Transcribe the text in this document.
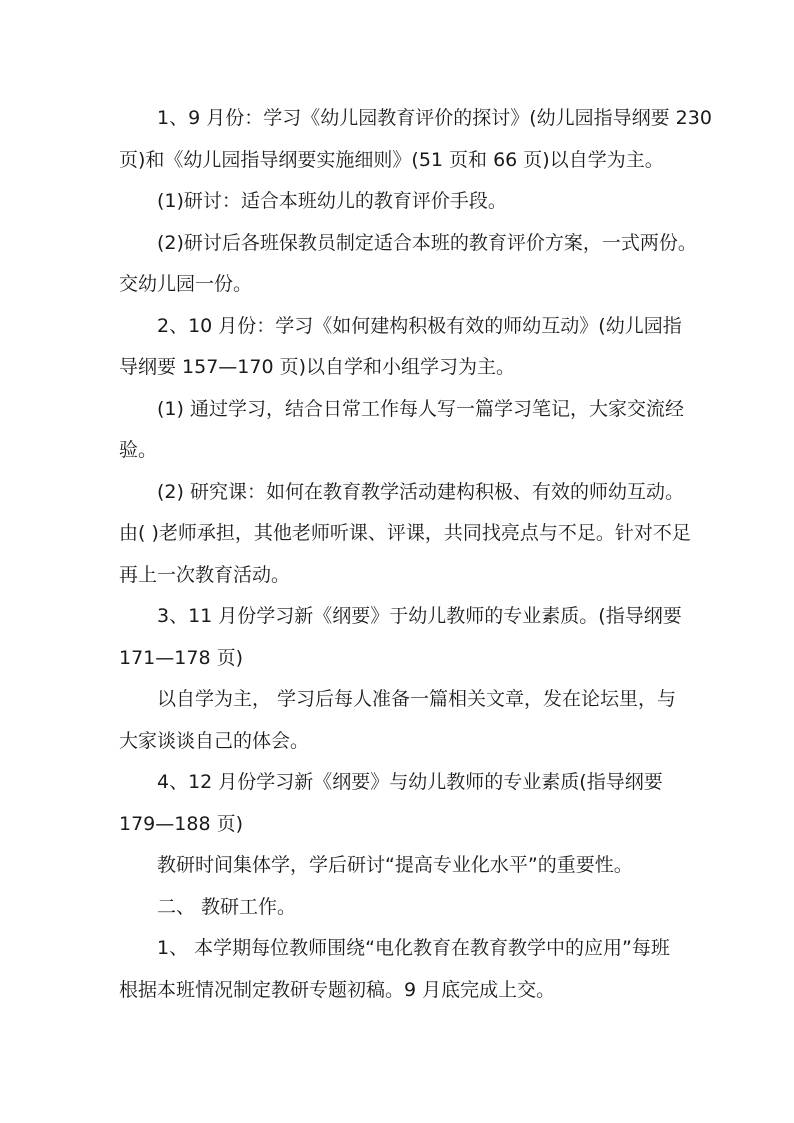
1、9 月份：学习《幼儿园教育评价的探讨》(幼儿园指导纲要 230
页)和《幼儿园指导纲要实施细则》(51 页和 66 页)以自学为主。
(1)研讨：适合本班幼儿的教育评价手段。
(2)研讨后各班保教员制定适合本班的教育评价方案，一式两份。
交幼儿园一份。
2、10 月份：学习《如何建构积极有效的师幼互动》(幼儿园指
导纲要 157—170 页)以自学和小组学习为主。
(1) 通过学习，结合日常工作每人写一篇学习笔记，大家交流经
验。
(2) 研究课：如何在教育教学活动建构积极、有效的师幼互动。
由( )老师承担，其他老师听课、评课，共同找亮点与不足。针对不足
再上一次教育活动。
3、11 月份学习新《纲要》于幼儿教师的专业素质。(指导纲要
171—178 页)
以自学为主， 学习后每人准备一篇相关文章，发在论坛里，与
大家谈谈自己的体会。
4、12 月份学习新《纲要》与幼儿教师的专业素质(指导纲要
179—188 页)
教研时间集体学，学后研讨“提高专业化水平”的重要性。
二、 教研工作。
1、 本学期每位教师围绕“电化教育在教育教学中的应用”每班
根据本班情况制定教研专题初稿。9 月底完成上交。
